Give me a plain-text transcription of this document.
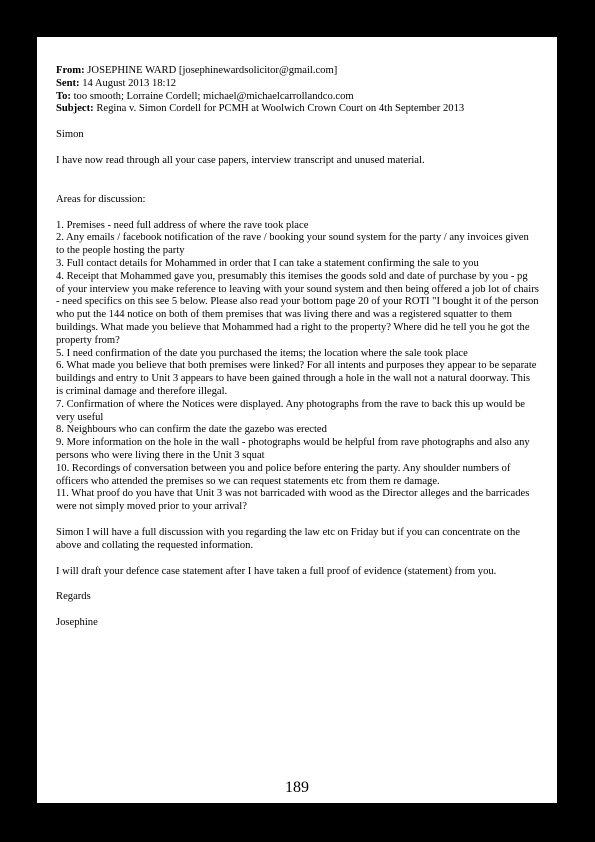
From: JOSEPHINE WARD [josephinewardsolicitor@gmail.com]
Sent: 14 August 2013 18:12
To: too smooth; Lorraine Cordell; michael@michaelcarrollandco.com
Subject: Regina v. Simon Cordell for PCMH at Woolwich Crown Court on 4th September 2013

Simon

I have now read through all your case papers, interview transcript and unused material.

Areas for discussion:

1. Premises - need full address of where the rave took place

2. Any emails / facebook notification of the rave / booking your sound system for the party / any invoices given to the people hosting the party

3. Full contact details for Mohammed in order that I can take a statement confirming the sale to you

4. Receipt that Mohammed gave you, presumably this itemises the goods sold and date of purchase by you - pg of your interview you make reference to leaving with your sound system and then being offered a job lot of chairs - need specifics on this see 5 below. Please also read your bottom page 20 of your ROTI "I bought it of the person who put the 144 notice on both of them premises that was living there and was a registered squatter to them buildings. What made you believe that Mohammed had a right to the property? Where did he tell you he got the property from?

5. I need confirmation of the date you purchased the items; the location where the sale took place

6. What made you believe that both premises were linked? For all intents and purposes they appear to be separate buildings and entry to Unit 3 appears to have been gained through a hole in the wall not a natural doorway. This is criminal damage and therefore illegal.

7. Confirmation of where the Notices were displayed. Any photographs from the rave to back this up would be very useful

8. Neighbours who can confirm the date the gazebo was erected

9. More information on the hole in the wall - photographs would be helpful from rave photographs and also any persons who were living there in the Unit 3 squat

10. Recordings of conversation between you and police before entering the party. Any shoulder numbers of officers who attended the premises so we can request statements etc from them re damage.

11. What proof do you have that Unit 3 was not barricaded with wood as the Director alleges and the barricades were not simply moved prior to your arrival?

Simon I will have a full discussion with you regarding the law etc on Friday but if you can concentrate on the above and collating the requested information.

I will draft your defence case statement after I have taken a full proof of evidence (statement) from you.

Regards

Josephine

189
